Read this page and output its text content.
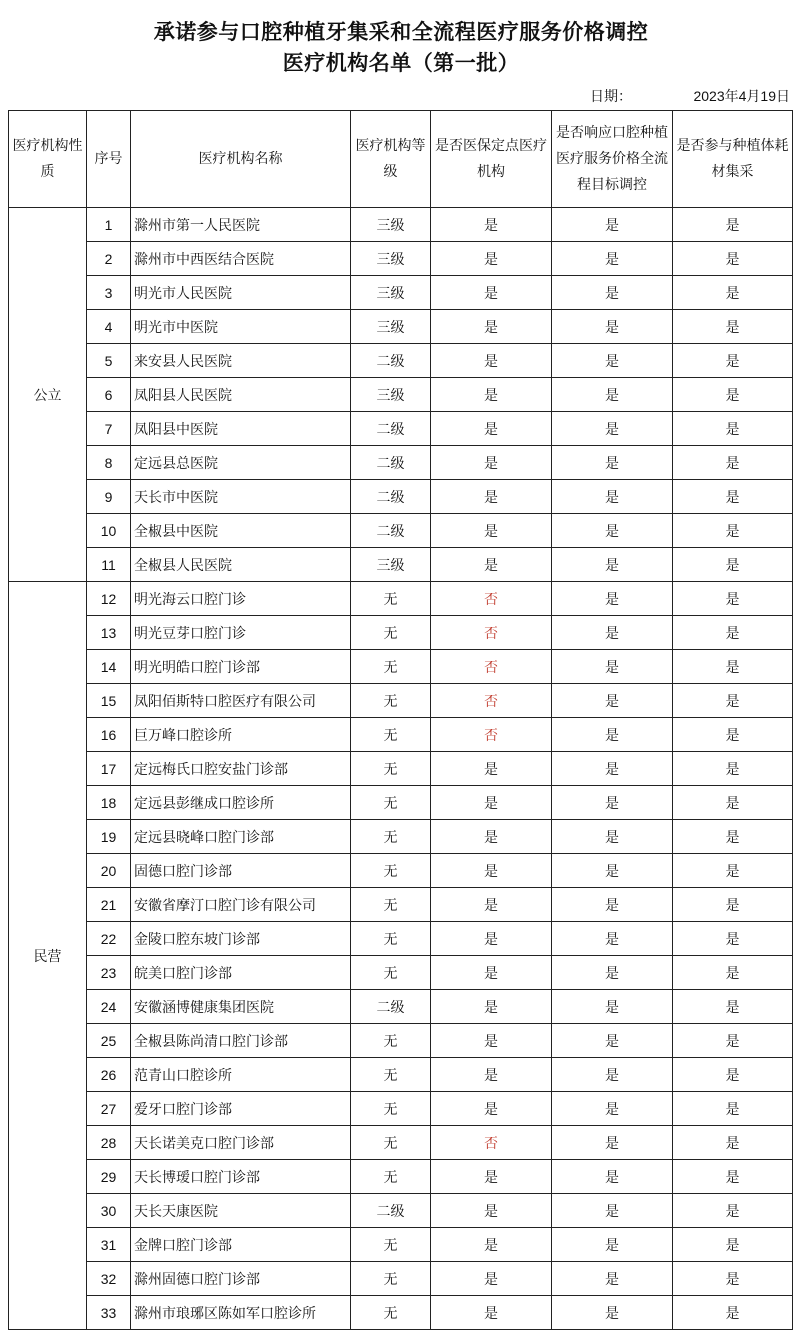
承诺参与口腔种植牙集采和全流程医疗服务价格调控
医疗机构名单（第一批）
日期：	2023年4月19日
医疗机构性质	序号	医疗机构名称	医疗机构等级	是否医保定点医疗机构	是否响应口腔种植医疗服务价格全流程目标调控	是否参与种植体耗材集采
公立	1	滁州市第一人民医院	三级	是	是	是
	2	滁州市中西医结合医院	三级	是	是	是
	3	明光市人民医院	三级	是	是	是
	4	明光市中医院	三级	是	是	是
	5	来安县人民医院	二级	是	是	是
	6	凤阳县人民医院	三级	是	是	是
	7	凤阳县中医院	二级	是	是	是
	8	定远县总医院	二级	是	是	是
	9	天长市中医院	二级	是	是	是
	10	全椒县中医院	二级	是	是	是
	11	全椒县人民医院	三级	是	是	是
民营	12	明光海云口腔门诊	无	否	是	是
	13	明光豆芽口腔门诊	无	否	是	是
	14	明光明皓口腔门诊部	无	否	是	是
	15	凤阳佰斯特口腔医疗有限公司	无	否	是	是
	16	巨万峰口腔诊所	无	否	是	是
	17	定远梅氏口腔安盐门诊部	无	是	是	是
	18	定远县彭继成口腔诊所	无	是	是	是
	19	定远县晓峰口腔门诊部	无	是	是	是
	20	固德口腔门诊部	无	是	是	是
	21	安徽省摩汀口腔门诊有限公司	无	是	是	是
	22	金陵口腔东坡门诊部	无	是	是	是
	23	皖美口腔门诊部	无	是	是	是
	24	安徽涵博健康集团医院	二级	是	是	是
	25	全椒县陈尚清口腔门诊部	无	是	是	是
	26	范青山口腔诊所	无	是	是	是
	27	爱牙口腔门诊部	无	是	是	是
	28	天长诺美克口腔门诊部	无	否	是	是
	29	天长博瑷口腔门诊部	无	是	是	是
	30	天长天康医院	二级	是	是	是
	31	金牌口腔门诊部	无	是	是	是
	32	滁州固德口腔门诊部	无	是	是	是
	33	滁州市琅琊区陈如军口腔诊所	无	是	是	是
